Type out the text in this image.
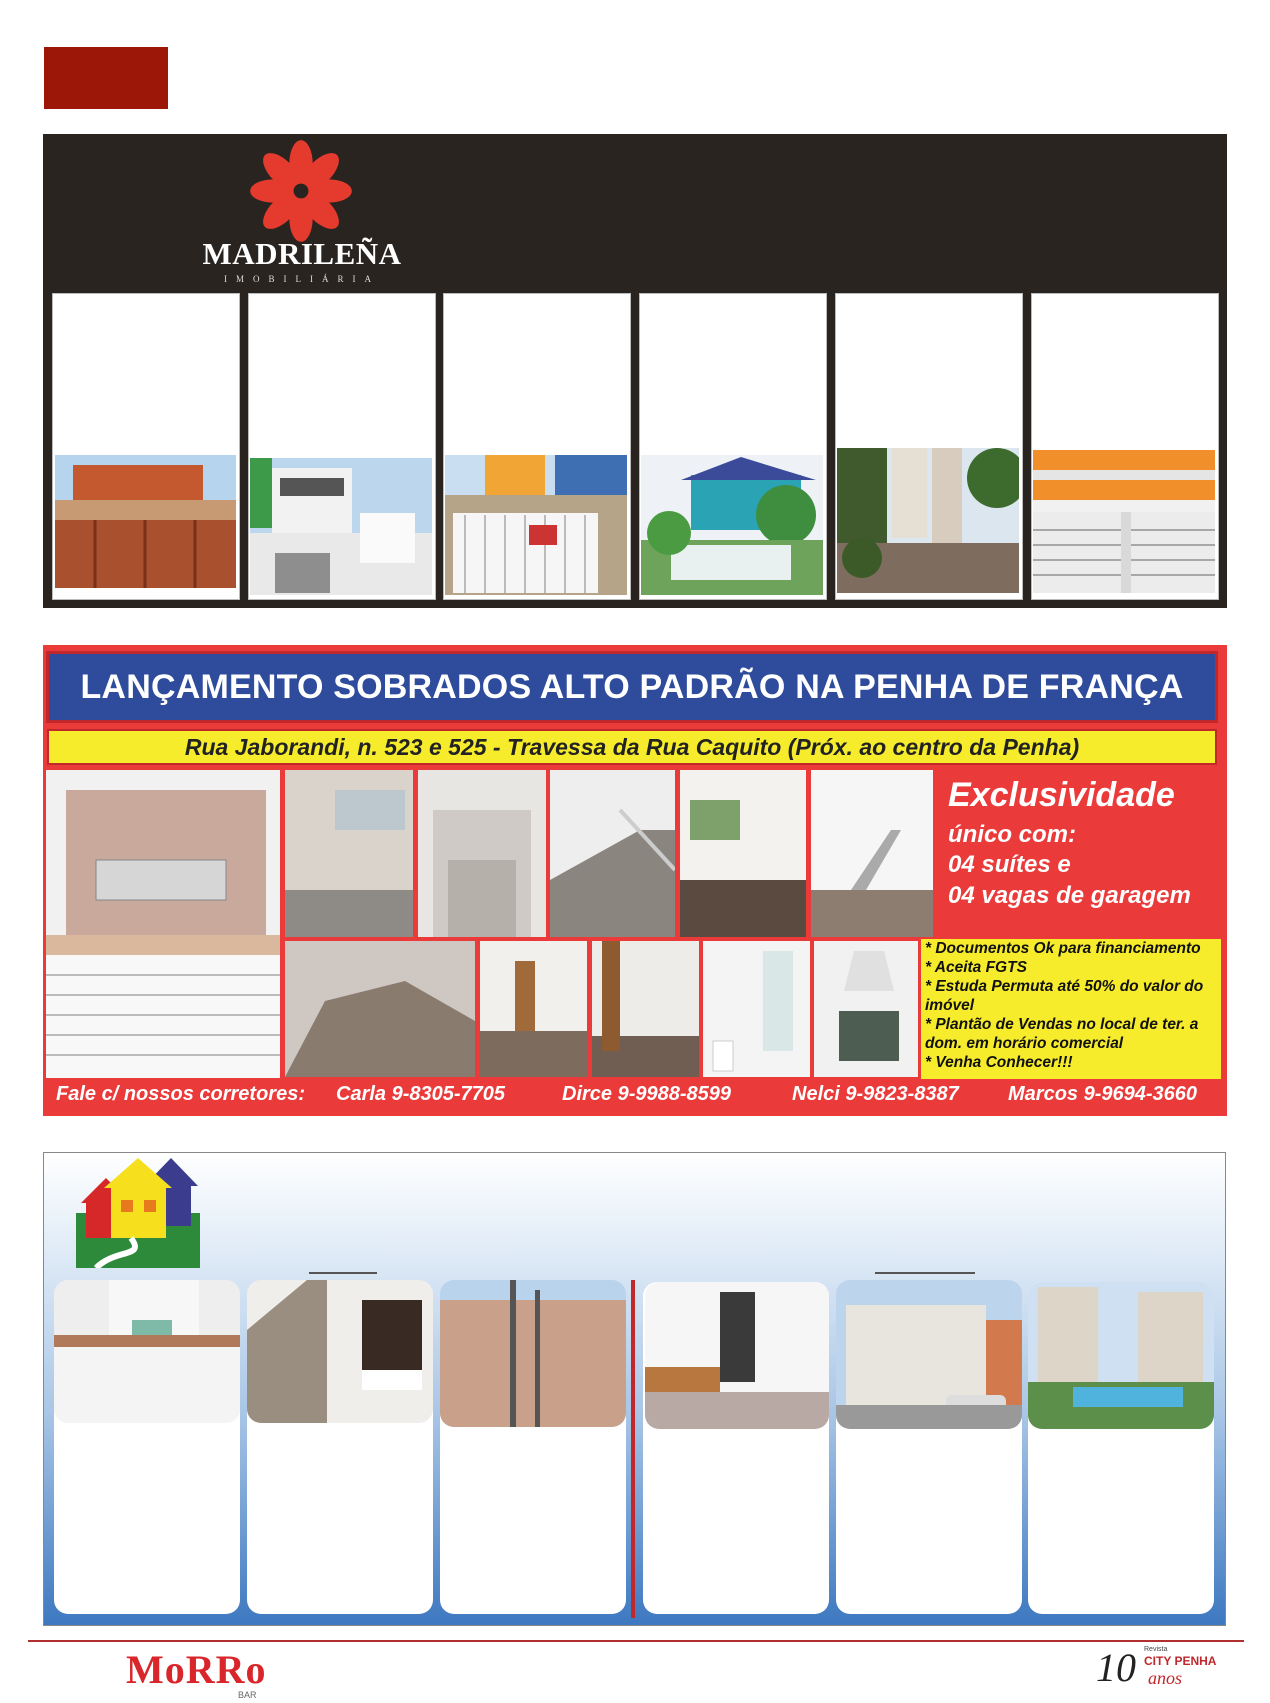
MADRILEÑA
IMOBILIÁRIA
LANÇAMENTO SOBRADOS ALTO PADRÃO NA PENHA DE FRANÇA
Rua Jaborandi, n. 523 e 525 - Travessa da Rua Caquito (Próx. ao centro da Penha)
Exclusividade
único com:
04 suítes e
04 vagas de garagem
* Documentos Ok para financiamento
* Aceita FGTS
* Estuda Permuta até 50% do valor do imóvel
* Plantão de Vendas no local de ter. a dom. em horário comercial
* Venha Conhecer!!!
Fale c/ nossos corretores: Carla 9-8305-7705	Dirce 9-9988-8599	Nelci 9-9823-8387 Marcos 9-9694-3660
MoRRo
BAR
10 Revista
CITY PENHA
anos
